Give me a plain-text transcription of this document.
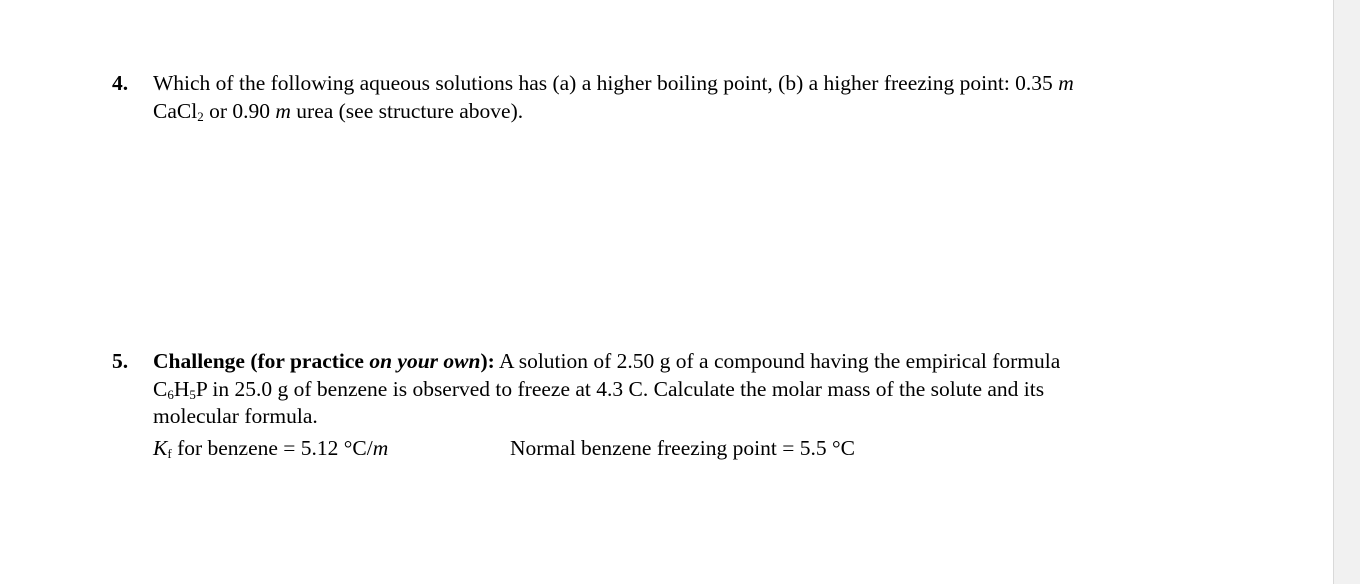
4. Which of the following aqueous solutions has (a) a higher boiling point, (b) a higher freezing point: 0.35 m
CaCl$_2$ or 0.90 m urea (see structure above).
5. Challenge (for practice on your own): A solution of 2.50 g of a compound having the empirical formula
$C_6H_5P$ in 25.0 g of benzene is observed to freeze at 4.3 C. Calculate the molar mass of the solute and its
molecular formula.
$K_f$ for benzene = 5.12 °C/m	Normal benzene freezing point = 5.5 °C
